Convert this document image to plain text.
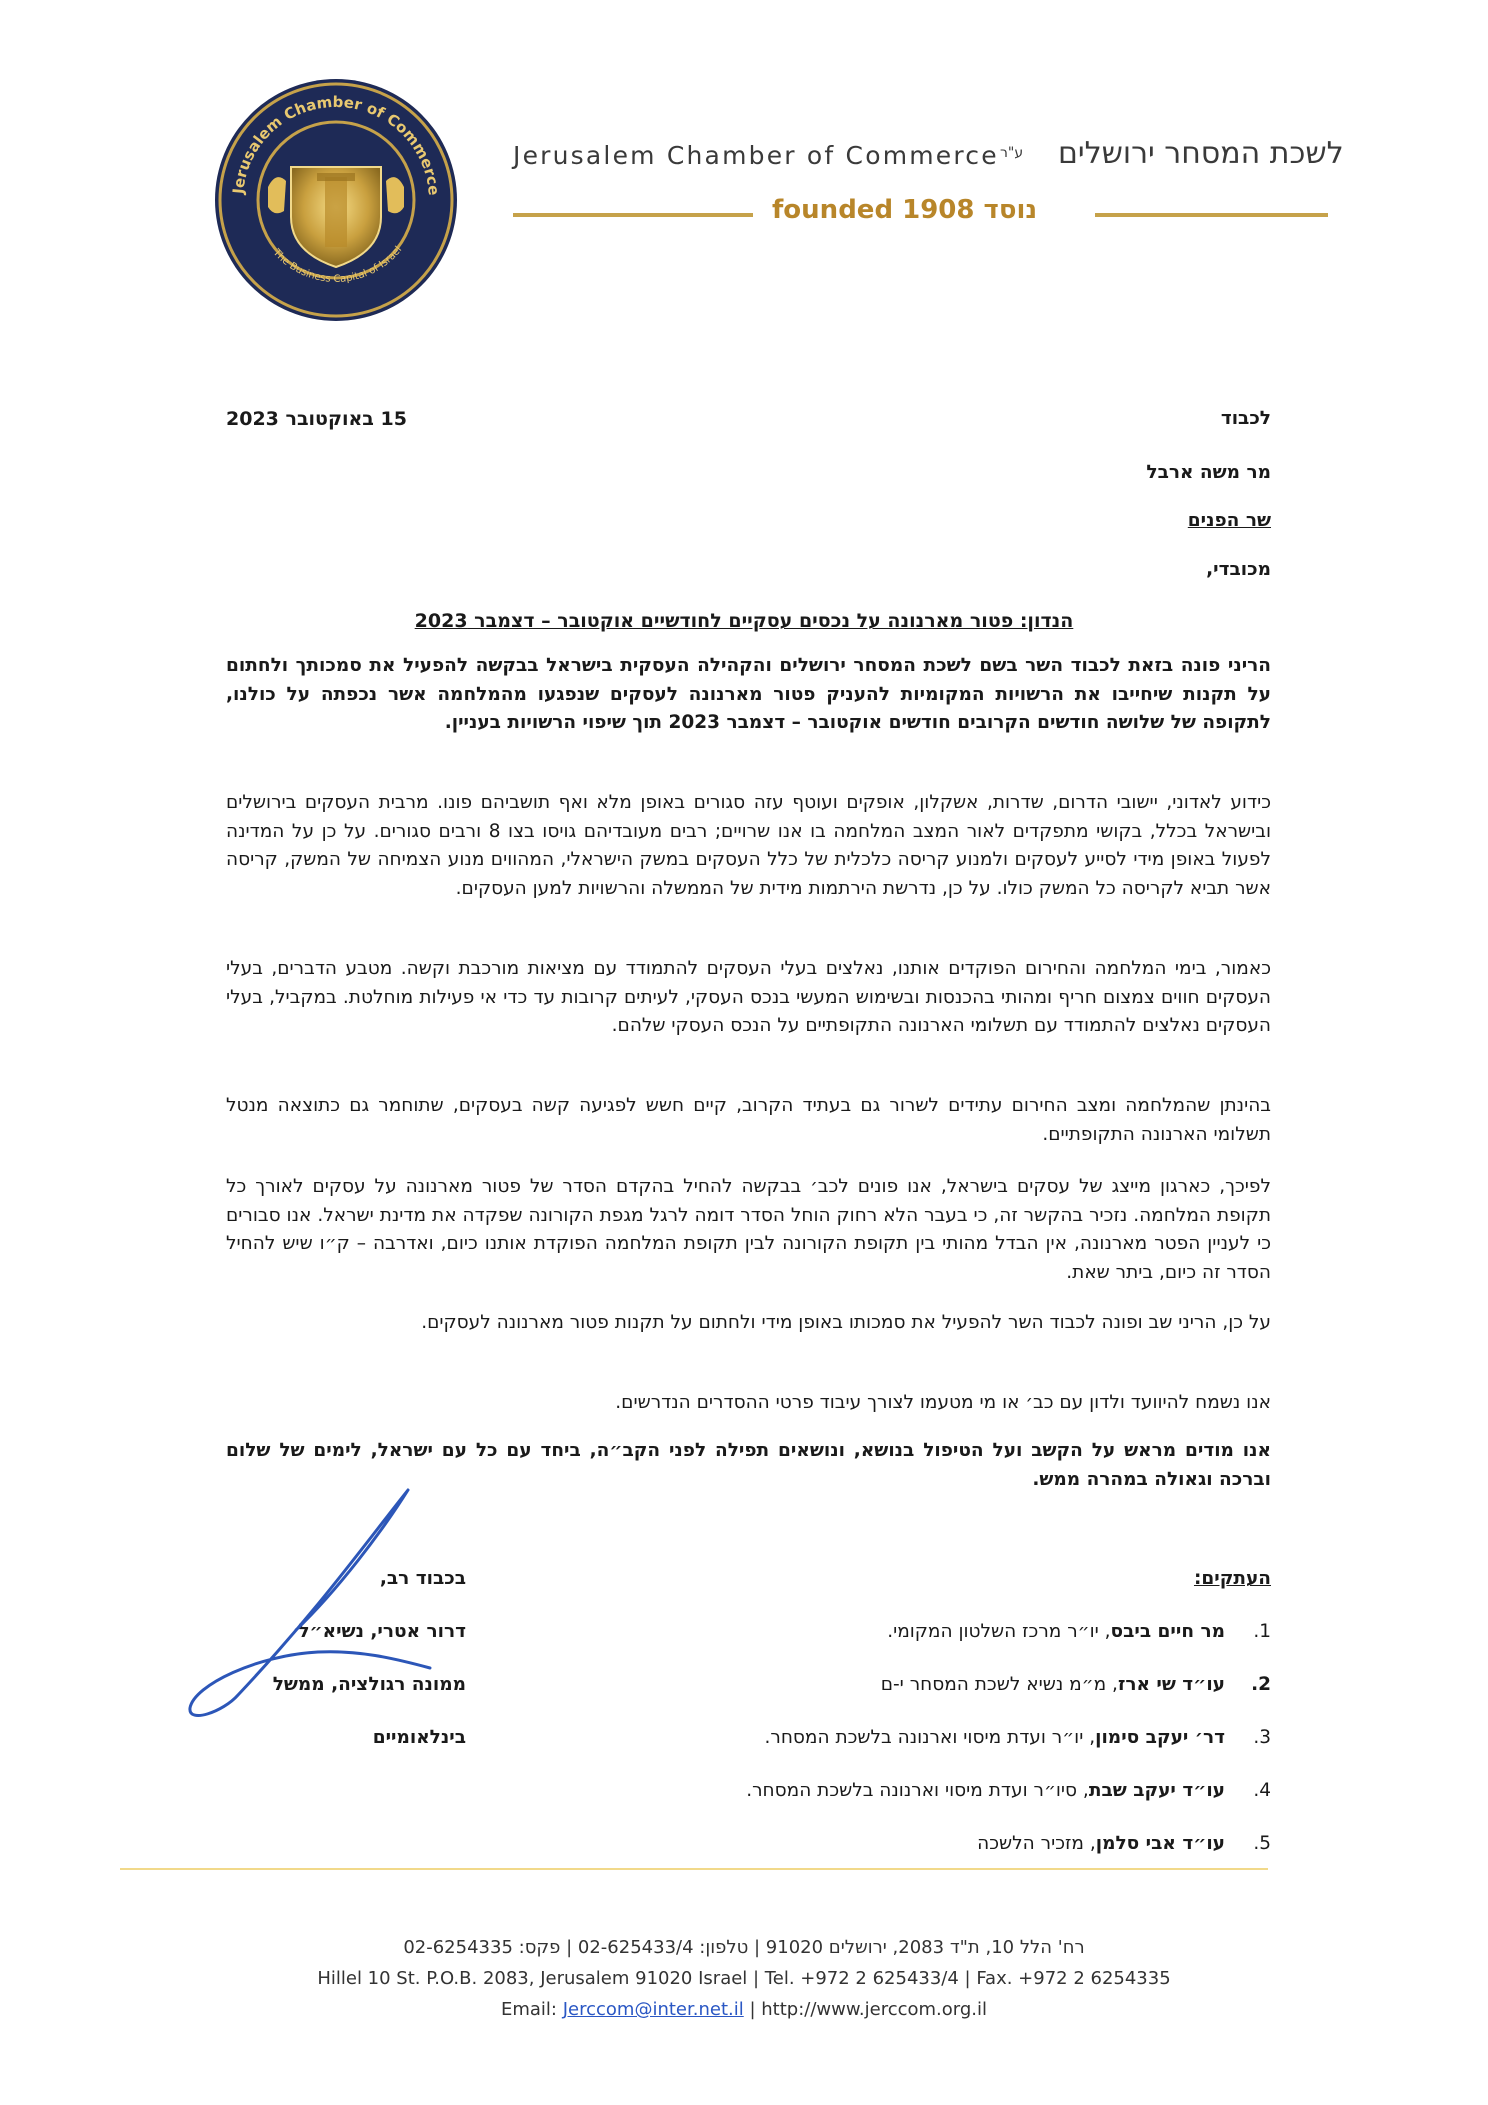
Jerusalem Chamber of Commerce
The Business Capital of Israel
Jerusalem Chamber of Commerce ע"ר לשכת המסחר ירושלים
founded 1908 נוסד
לכבוד
15 באוקטובר 2023
מר משה ארבל
שר הפנים
מכובדי,
הנדון: פטור מארנונה על נכסים עסקיים לחודשיים אוקטובר – דצמבר 2023
הריני פונה בזאת לכבוד השר בשם לשכת המסחר ירושלים והקהילה העסקית בישראל בבקשה להפעיל את סמכותך ולחתום על תקנות שיחייבו את הרשויות המקומיות להעניק פטור מארנונה לעסקים שנפגעו מהמלחמה אשר נכפתה על כולנו, לתקופה של שלושה חודשים הקרובים חודשים אוקטובר – דצמבר 2023 תוך שיפוי הרשויות בעניין.
כידוע לאדוני, יישובי הדרום, שדרות, אשקלון, אופקים ועוטף עזה סגורים באופן מלא ואף תושביהם פונו. מרבית העסקים בירושלים ובישראל בכלל, בקושי מתפקדים לאור המצב המלחמה בו אנו שרויים; רבים מעובדיהם גויסו בצו 8 ורבים סגורים. על כן על המדינה לפעול באופן מידי לסייע לעסקים ולמנוע קריסה כלכלית של כלל העסקים במשק הישראלי, המהווים מנוע הצמיחה של המשק, קריסה אשר תביא לקריסה כל המשק כולו. על כן, נדרשת הירתמות מידית של הממשלה והרשויות למען העסקים.
כאמור, בימי המלחמה והחירום הפוקדים אותנו, נאלצים בעלי העסקים להתמודד עם מציאות מורכבת וקשה. מטבע הדברים, בעלי העסקים חווים צמצום חריף ומהותי בהכנסות ובשימוש המעשי בנכס העסקי, לעיתים קרובות עד כדי אי פעילות מוחלטת. במקביל, בעלי העסקים נאלצים להתמודד עם תשלומי הארנונה התקופתיים על הנכס העסקי שלהם.
בהינתן שהמלחמה ומצב החירום עתידים לשרור גם בעתיד הקרוב, קיים חשש לפגיעה קשה בעסקים, שתוחמר גם כתוצאה מנטל תשלומי הארנונה התקופתיים.
לפיכך, כארגון מייצג של עסקים בישראל, אנו פונים לכב׳ בבקשה להחיל בהקדם הסדר של פטור מארנונה על עסקים לאורך כל תקופת המלחמה. נזכיר בהקשר זה, כי בעבר הלא רחוק הוחל הסדר דומה לרגל מגפת הקורונה שפקדה את מדינת ישראל. אנו סבורים כי לעניין הפטר מארנונה, אין הבדל מהותי בין תקופת הקורונה לבין תקופת המלחמה הפוקדת אותנו כיום, ואדרבה – ק״ו שיש להחיל הסדר זה כיום, ביתר שאת.
על כן, הריני שב ופונה לכבוד השר להפעיל את סמכותו באופן מידי ולחתום על תקנות פטור מארנונה לעסקים.
אנו נשמח להיוועד ולדון עם כב׳ או מי מטעמו לצורך עיבוד פרטי ההסדרים הנדרשים.
אנו מודים מראש על הקשב ועל הטיפול בנושא, ונושאים תפילה לפני הקב״ה, ביחד עם כל עם ישראל, לימים של שלום וברכה וגאולה במהרה ממש.
בכבוד רב,
דרור אטרי, נשיא״ל
ממונה רגולציה, ממשל
בינלאומיים
העתקים:
1.מר חיים ביבס, יו״ר מרכז השלטון המקומי.
2.עו״ד שי ארז, מ״מ נשיא לשכת המסחר י-ם
3.דר׳ יעקב סימון, יו״ר ועדת מיסוי וארנונה בלשכת המסחר.
4.עו״ד יעקב שבת, סיו״ר ועדת מיסוי וארנונה בלשכת המסחר.
5.עו״ד אבי סלמן, מזכיר הלשכה
רח' הלל 10, ת"ד 2083, ירושלים 91020 | טלפון: 02-625433/4 | פקס: 02-6254335
Hillel 10 St. P.O.B. 2083, Jerusalem 91020 Israel | Tel. +972 2 625433/4 | Fax. +972 2 6254335
Email: Jerccom@inter.net.il | http://www.jerccom.org.il
